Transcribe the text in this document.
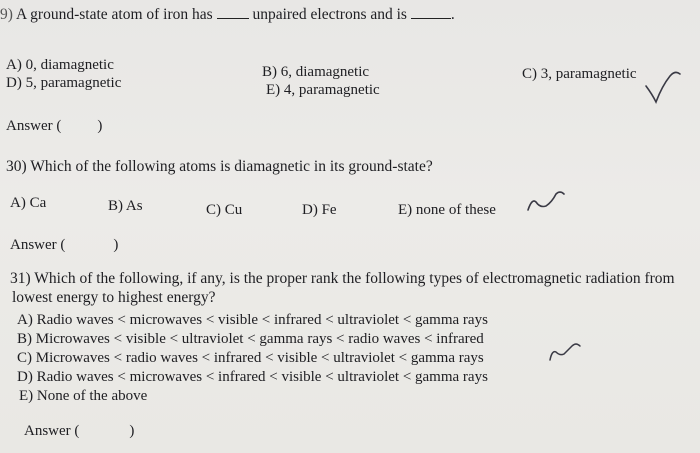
9) A ground-state atom of iron has	unpaired electrons and is	.
A) 0, diamagnetic
D) 5, paramagnetic
B) 6, diamagnetic
E) 4, paramagnetic
C) 3, paramagnetic
Answer ( )
30) Which of the following atoms is diamagnetic in its ground-state?
A) Ca	B) As	C) Cu	D) Fe	E) none of these
Answer (	)
31) Which of the following, if any, is the proper rank the following types of electromagnetic radiation from
lowest energy to highest energy?
A) Radio waves < microwaves < visible < infrared < ultraviolet < gamma rays
B) Microwaves < visible < ultraviolet < gamma rays < radio waves < infrared
C) Microwaves < radio waves < infrared < visible < ultraviolet < gamma rays
D) Radio waves < microwaves < infrared < visible < ultraviolet < gamma rays
E) None of the above
Answer (	)
